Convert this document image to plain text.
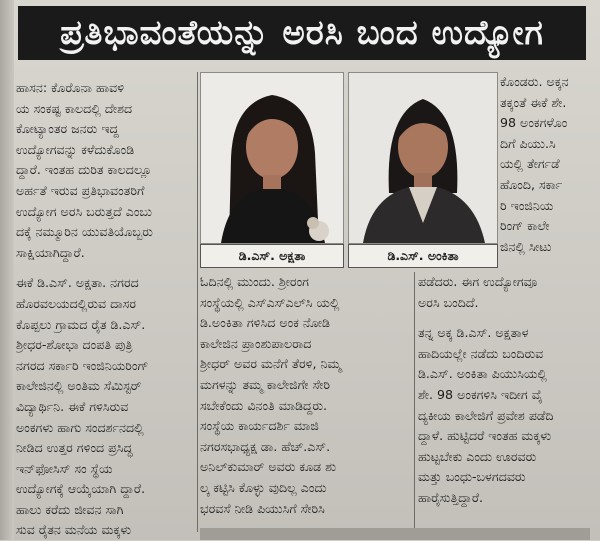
ಪ್ರತಿಭಾವಂತೆಯನ್ನು ಅರಸಿ ಬಂದ ಉದ್ಯೋಗ
ಹಾಸನ: ಕೊರೊನಾ ಹಾವಳಿ
ಯ ಸಂಕಷ್ಟ ಕಾಲದಲ್ಲಿ ದೇಶದ
ಕೋಟ್ಯಾಂತರ ಜನರು ಇದ್ದ
ಉದ್ಯೋಗವನ್ನು ಕಳೆದುಕೊಂಡಿ
ದ್ದಾರೆ. ಇಂತಹ ದುರಿತ ಕಾಲದಲ್ಲೂ
ಅರ್ಹತೆ ಇರುವ ಪ್ರತಿಭಾವಂತರಿಗೆ
ಉದ್ಯೋಗ ಅರಸಿ ಬರುತ್ತದೆ ಎಂಬು
ದಕ್ಕೆ ನಮ್ಮೂರಿನ ಯುವತಿಯೊಬ್ಬರು
ಸಾಕ್ಷಿಯಾಗಿದ್ದಾರೆ.
ಈಕೆ ಡಿ.ಎಸ್. ಅಕ್ಷತಾ. ನಗರದ
ಹೊರವಲಯದಲ್ಲಿರುವ ದಾಸರ
ಕೊಪ್ಪಲು ಗ್ರಾಮದ ರೈತ ಡಿ.ಎಸ್.
ಶ್ರೀಧರ-ಶೋಭಾ ದಂಪತಿ ಪುತ್ರಿ
ನಗರದ ಸರ್ಕಾರಿ ಇಂಜಿನಿಯರಿಂಗ್
ಕಾಲೇಜಿನಲ್ಲಿ ಅಂತಿಮ ಸೆಮಿಸ್ಟರ್
ವಿದ್ಯಾರ್ಥಿನಿ. ಈಕೆ ಗಳಿಸಿರುವ
ಅಂಕಗಳು ಹಾಗು ಸಂದರ್ಶನದಲ್ಲಿ
ನೀಡಿದ ಉತ್ತರ ಗಳಿಂದ ಪ್ರಸಿದ್ಧ
ಇನ್‌ಫೋಸಿಸ್ ಸಂ ಸ್ಥೆಯ
ಉದ್ಯೋಗಕ್ಕೆ ಆಯ್ಕೆಯಾಗಿ ದ್ದಾರೆ.
ಹಾಲು ಕರೆದು ಜೀವನ ಸಾಗಿ
ಸುವ ರೈತನ ಮನೆಯ ಮಕ್ಕಳು
ಡಿ.ಎಸ್. ಅಕ್ಷತಾ	ಡಿ.ಎಸ್. ಅಂಕಿತಾ
ಕೊಂಡರು. ಅಕ್ಕನ
ತಕ್ಕಂತೆ ಈಕೆ ಶೇ.
98 ಅಂಕಗಳೊಂ
ದಿಗೆ ಪಿಯು.ಸಿ
ಯಲ್ಲಿ ತೇರ್ಗಡೆ
ಹೊಂದಿ, ಸರ್ಕಾ
ರಿ ಇಂಜಿನಿಯ
ರಿಂಗ್ ಕಾಲೇ
ಜಿನಲ್ಲಿ ಸೀಟು
ಓದಿನಲ್ಲಿ ಮುಂದು. ಶ್ರೀರಂಗ
ಸಂಸ್ಥೆಯಲ್ಲಿ ಎಸ್‌ಎಸ್‌ಎಲ್‌ಸಿ ಯಲ್ಲಿ
ಡಿ.ಅಂಕಿತಾ ಗಳಿಸಿದ ಅಂಕ ನೋಡಿ
ಕಾಲೇಜಿನ ಪ್ರಾಂಶುಪಾಲರಾದ
ಶ್ರೀಧರ್ ಅವರ ಮನೆಗೆ ತೆರಳಿ, ನಿಮ್ಮ
ಮಗಳನ್ನು ತಮ್ಮ ಕಾಲೇಜಿಗೇ ಸೇರಿ
ಸಬೇಕೆಂದು ವಿನಂತಿ ಮಾಡಿದ್ದರು.
ಸಂಸ್ಥೆಯ ಕಾರ್ಯದರ್ಶಿ ಮಾಜಿ
ನಗರಸಭಾಧ್ಯಕ್ಷ ಡಾ. ಹೆಚ್.ಎಸ್.
ಅನಿಲ್‌ಕುಮಾರ್ ಅವರು ಕೂಡ ಶು
ಲ್ಕ ಕಟ್ಟಿಸಿ ಕೊಳ್ಳು ವುದಿಲ್ಲ ಎಂದು
ಭರವಸೆ ನೀಡಿ ಪಿಯುಸಿಗೆ ಸೇರಿಸಿ
ಪಡೆದರು. ಈಗ ಉದ್ಯೋಗವೂ
ಅರಸಿ ಬಂದಿದೆ.
ತನ್ನ ಅಕ್ಕ ಡಿ.ಎಸ್. ಅಕ್ಷತಾಳ
ಹಾದಿಯಲ್ಲೇ ನಡೆದು ಬಂದಿರುವ
ಡಿ.ಎಸ್. ಅಂಕಿತಾ ಪಿಯುಸಿಯಲ್ಲಿ
ಶೇ. 98 ಅಂಕಗಳಿಸಿ ಇದೀಗ ವೈ
ದ್ಯಕೀಯ ಕಾಲೇಜಿಗೆ ಪ್ರವೇಶ ಪಡೆದಿ
ದ್ದಾಳೆ. ಹುಟ್ಟಿದರೆ ಇಂತಹ ಮಕ್ಕಳು
ಹುಟ್ಟಬೇಕು ಎಂದು ಊರವರು
ಮತ್ತು ಬಂಧು-ಬಳಗದವರು
ಹಾರೈಸುತ್ತಿದ್ದಾರೆ.
